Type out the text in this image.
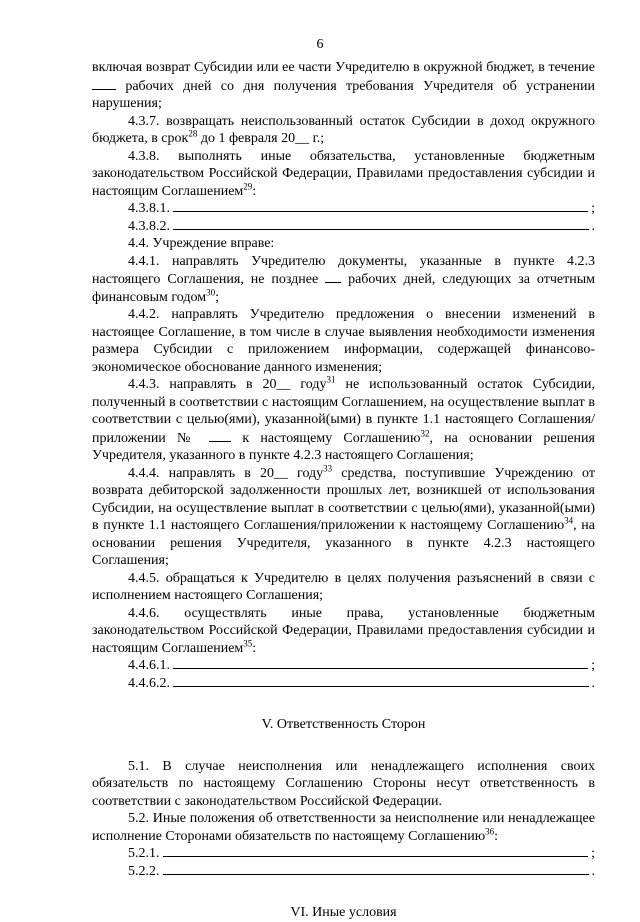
6

включая возврат Субсидии или ее части Учредителю в окружной бюджет, в течение  рабочих дней со дня получения требования Учредителя об устранении нарушения;

4.3.7. возвращать неиспользованный остаток Субсидии в доход окружного бюджета, в срок$^{28}$ до 1 февраля 20__ г.;

4.3.8. выполнять иные обязательства, установленные бюджетным законодательством Российской Федерации, Правилами предоставления субсидии и настоящим Соглашением$^{29}$:

4.3.8.1.	;
4.3.8.2.	.

4.4. Учреждение вправе:

4.4.1. направлять Учредителю документы, указанные в пункте 4.2.3 настоящего Соглашения, не позднее  рабочих дней, следующих за отчетным финансовым годом$^{30}$;

4.4.2. направлять Учредителю предложения о внесении изменений в настоящее Соглашение, в том числе в случае выявления необходимости изменения размера Субсидии с приложением информации, содержащей финансово-экономическое обоснование данного изменения;

4.4.3. направлять в 20__ году$^{31}$ не использованный остаток Субсидии, полученный в соответствии с настоящим Соглашением, на осуществление выплат в соответствии с целью(ями), указанной(ыми) в пункте 1.1 настоящего Соглашения/приложении №  к настоящему Соглашению$^{32}$, на основании решения Учредителя, указанного в пункте 4.2.3 настоящего Соглашения;

4.4.4. направлять в 20__ году$^{33}$ средства, поступившие Учреждению от возврата дебиторской задолженности прошлых лет, возникшей от использования Субсидии, на осуществление выплат в соответствии с целью(ями), указанной(ыми) в пункте 1.1 настоящего Соглашения/приложении к настоящему Соглашению$^{34}$, на основании решения Учредителя, указанного в пункте 4.2.3 настоящего Соглашения;

4.4.5. обращаться к Учредителю в целях получения разъяснений в связи с исполнением настоящего Соглашения;

4.4.6. осуществлять иные права, установленные бюджетным законодательством Российской Федерации, Правилами предоставления субсидии и настоящим Соглашением$^{35}$:

4.4.6.1.	;
4.4.6.2.	.

V. Ответственность Сторон

5.1. В случае неисполнения или ненадлежащего исполнения своих обязательств по настоящему Соглашению Стороны несут ответственность в соответствии с законодательством Российской Федерации.

5.2. Иные положения об ответственности за неисполнение или ненадлежащее исполнение Сторонами обязательств по настоящему Соглашению$^{36}$:

5.2.1.	;
5.2.2.	.

VI. Иные условия
